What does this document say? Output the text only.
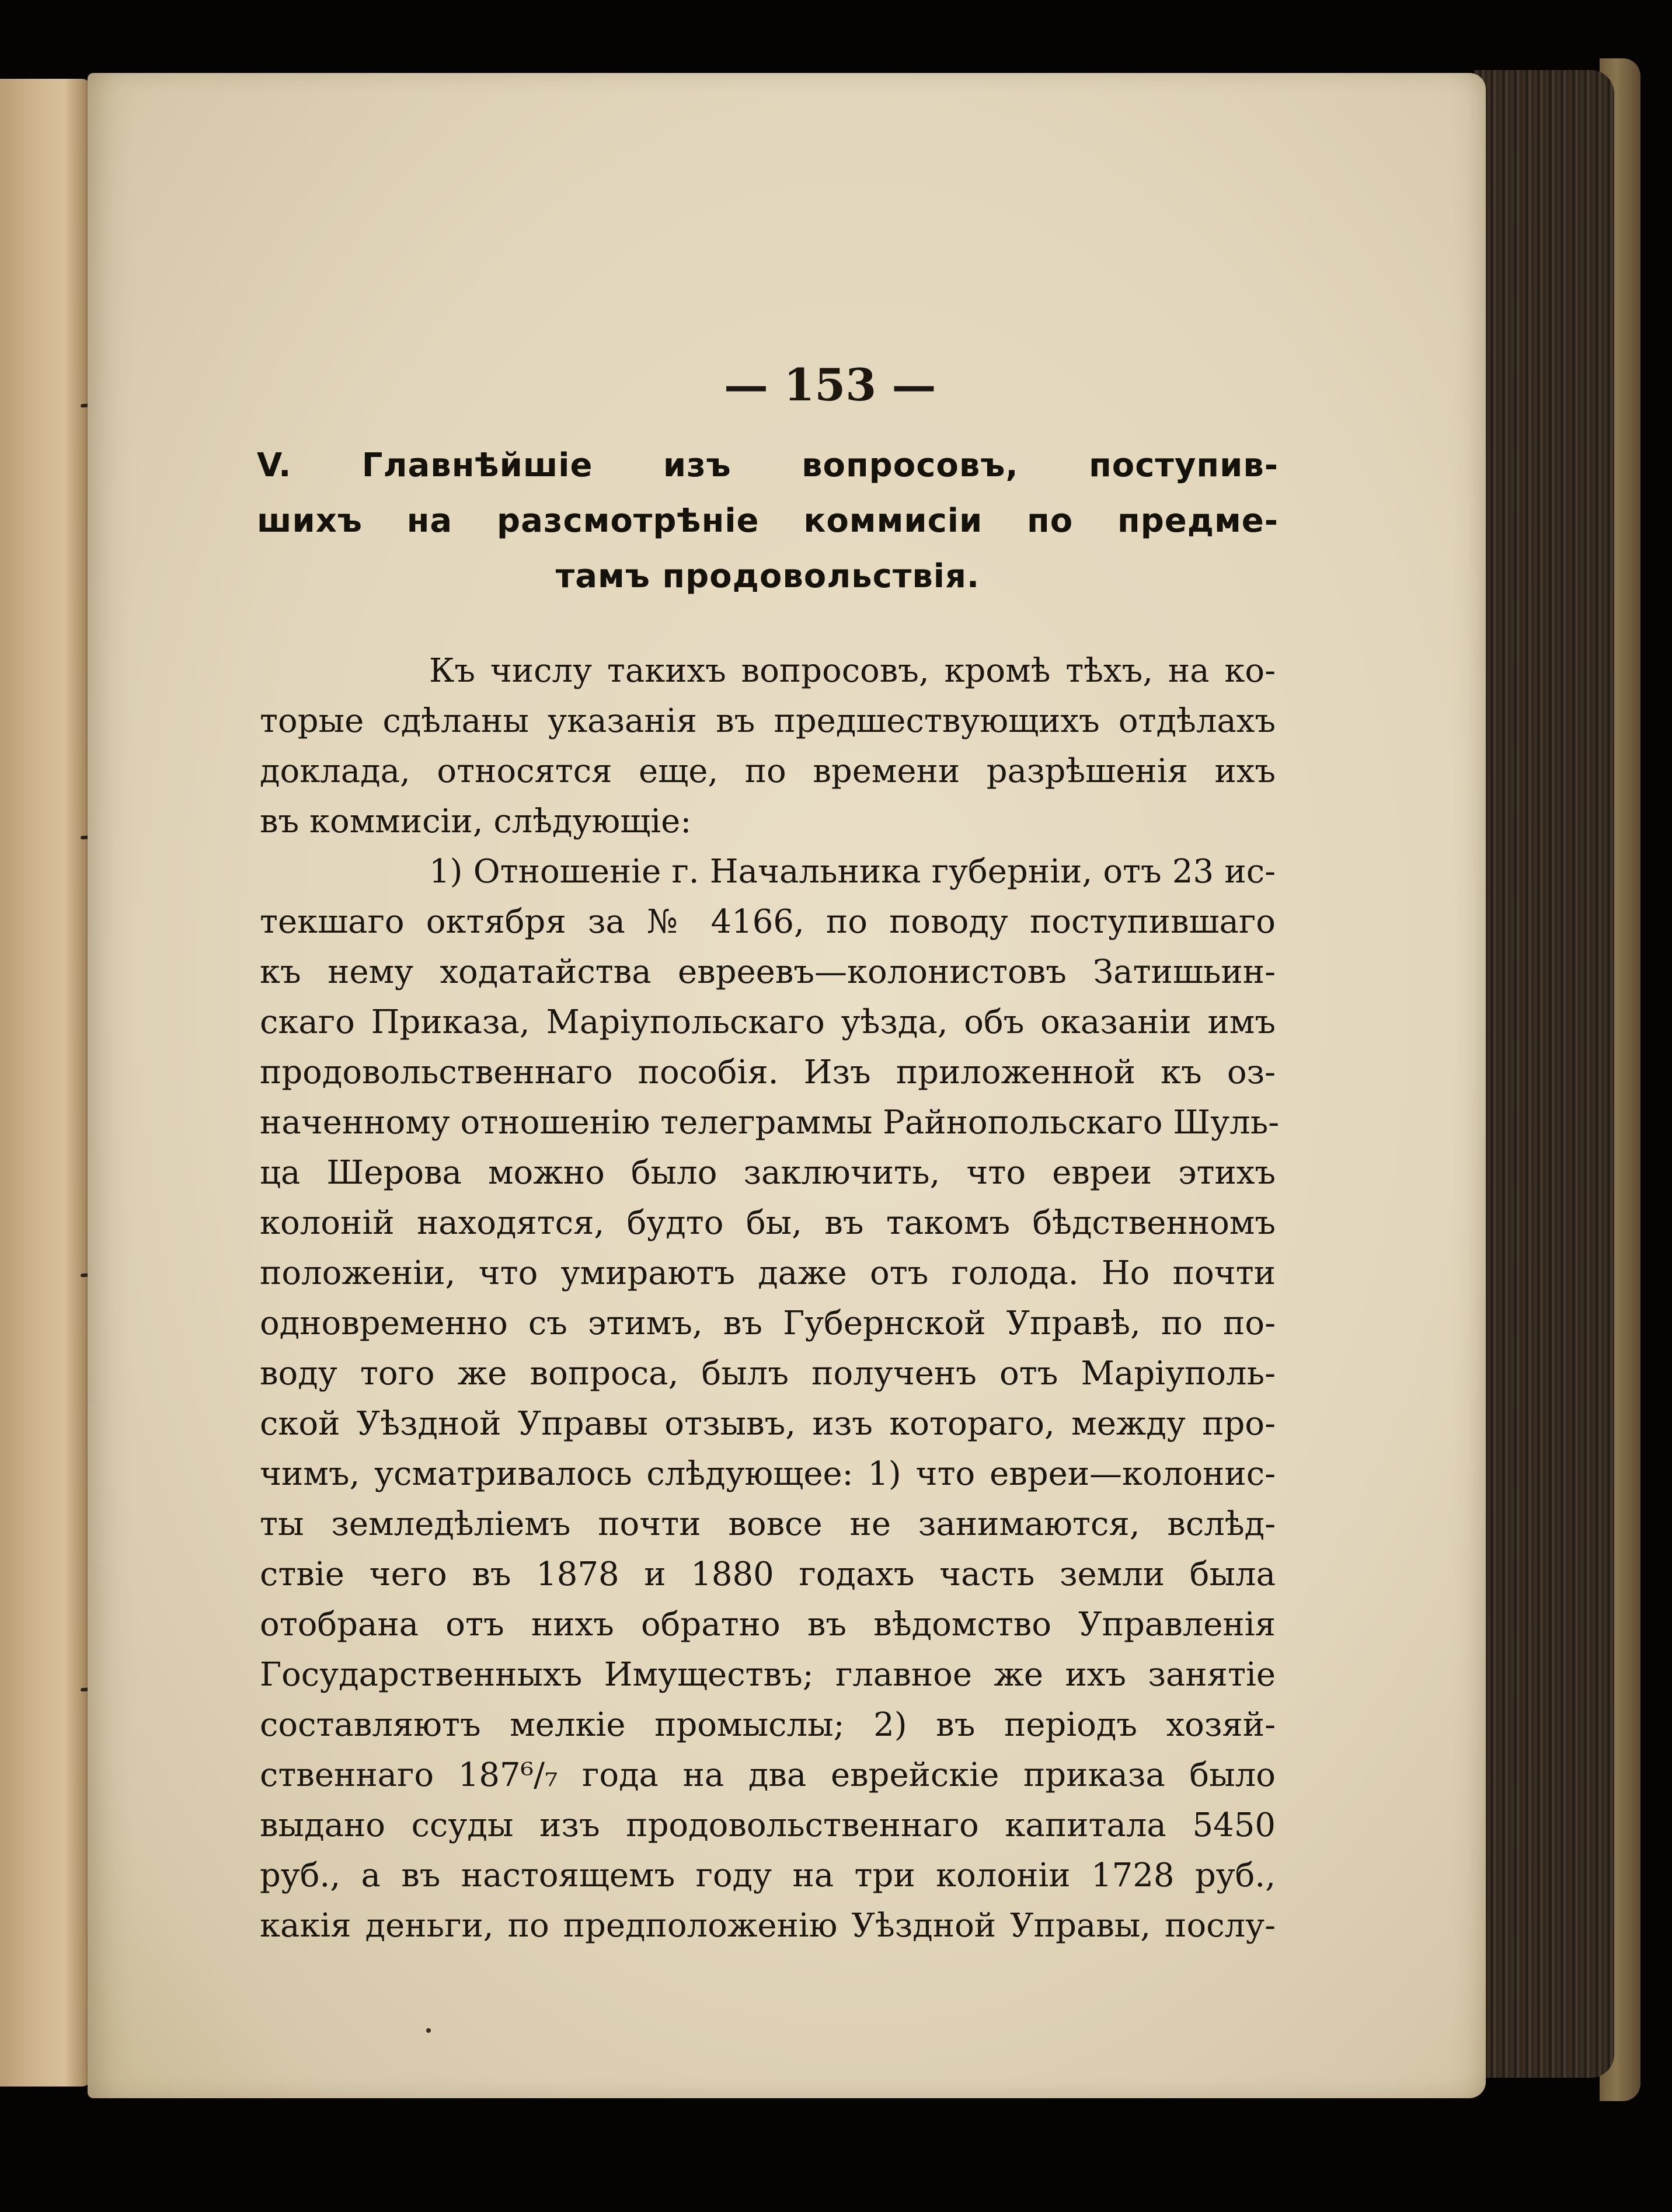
— 153 —
V. Главнѣйшіе изъ вопросовъ, поступив-
шихъ на разсмотрѣніе коммисіи по предме-
тамъ продовольствія.
Къ числу такихъ вопросовъ, кромѣ тѣхъ, на ко-
торые сдѣланы указанія въ предшествующихъ отдѣлахъ
доклада, относятся еще, по времени разрѣшенія ихъ
въ коммисіи, слѣдующіе:
1) Отношеніе г. Начальника губерніи, отъ 23 ис-
текшаго октября за № 4166, по поводу поступившаго
къ нему ходатайства евреевъ—колонистовъ Затишьин-
скаго Приказа, Маріупольскаго уѣзда, объ оказаніи имъ
продовольственнаго пособія. Изъ приложенной къ оз-
наченному отношенію телеграммы Райнопольскаго Шуль-
ца Шерова можно было заключить, что евреи этихъ
колоній находятся, будто бы, въ такомъ бѣдственномъ
положеніи, что умираютъ даже отъ голода. Но почти
одновременно съ этимъ, въ Губернской Управѣ, по по-
воду того же вопроса, былъ полученъ отъ Маріуполь-
ской Уѣздной Управы отзывъ, изъ котораго, между про-
чимъ, усматривалось слѣдующее: 1) что евреи—колонис-
ты земледѣліемъ почти вовсе не занимаются, вслѣд-
ствіе чего въ 1878 и 1880 годахъ часть земли была
отобрана отъ нихъ обратно въ вѣдомство Управленія
Государственныхъ Имуществъ; главное же ихъ занятіе
составляютъ мелкіе промыслы; 2) въ періодъ хозяй-
ственнаго 187⁶/₇ года на два еврейскіе приказа было
выдано ссуды изъ продовольственнаго капитала 5450
руб., а въ настоящемъ году на три колоніи 1728 руб.,
какія деньги, по предположенію Уѣздной Управы, послу-
